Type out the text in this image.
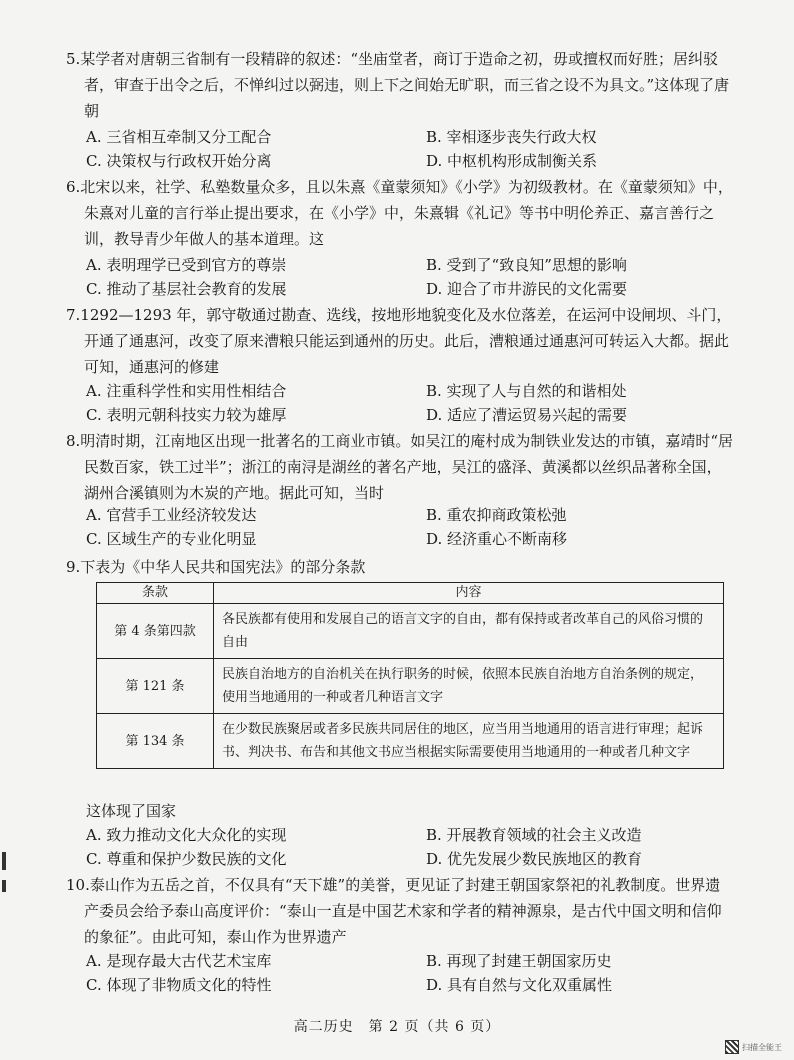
5.某学者对唐朝三省制有一段精辟的叙述：“坐庙堂者，商订于造命之初，毋或擅权而好胜；居纠驳者，审查于出令之后，不惮纠过以弼违，则上下之间始无旷职，而三省之设不为具文。”这体现了唐朝
A. 三省相互牵制又分工配合	B. 宰相逐步丧失行政大权
C. 决策权与行政权开始分离	D. 中枢机构形成制衡关系
6.北宋以来，社学、私塾数量众多，且以朱熹《童蒙须知》《小学》为初级教材。在《童蒙须知》中，朱熹对儿童的言行举止提出要求，在《小学》中，朱熹辑《礼记》等书中明伦养正、嘉言善行之训，教导青少年做人的基本道理。这
A. 表明理学已受到官方的尊崇	B. 受到了“致良知”思想的影响
C. 推动了基层社会教育的发展	D. 迎合了市井游民的文化需要
7.1292—1293 年，郭守敬通过勘查、选线，按地形地貌变化及水位落差，在运河中设闸坝、斗门，开通了通惠河，改变了原来漕粮只能运到通州的历史。此后，漕粮通过通惠河可转运入大都。据此可知，通惠河的修建
A. 注重科学性和实用性相结合	B. 实现了人与自然的和谐相处
C. 表明元朝科技实力较为雄厚	D. 适应了漕运贸易兴起的需要
8.明清时期，江南地区出现一批著名的工商业市镇。如吴江的庵村成为制铁业发达的市镇，嘉靖时“居民数百家，铁工过半”；浙江的南浔是湖丝的著名产地，吴江的盛泽、黄溪都以丝织品著称全国，湖州合溪镇则为木炭的产地。据此可知，当时
A. 官营手工业经济较发达	B. 重农抑商政策松弛
C. 区域生产的专业化明显	D. 经济重心不断南移
9.下表为《中华人民共和国宪法》的部分条款
条款	内容
第 4 条第四款	各民族都有使用和发展自己的语言文字的自由，都有保持或者改革自己的风俗习惯的自由
第 121 条	民族自治地方的自治机关在执行职务的时候，依照本民族自治地方自治条例的规定，使用当地通用的一种或者几种语言文字
第 134 条	在少数民族聚居或者多民族共同居住的地区，应当用当地通用的语言进行审理；起诉书、判决书、布告和其他文书应当根据实际需要使用当地通用的一种或者几种文字
这体现了国家
A. 致力推动文化大众化的实现	B. 开展教育领域的社会主义改造
C. 尊重和保护少数民族的文化	D. 优先发展少数民族地区的教育
10.泰山作为五岳之首，不仅具有“天下雄”的美誉，更见证了封建王朝国家祭祀的礼教制度。世界遗产委员会给予泰山高度评价：“泰山一直是中国艺术家和学者的精神源泉，是古代中国文明和信仰的象征”。由此可知，泰山作为世界遗产
A. 是现存最大古代艺术宝库	B. 再现了封建王朝国家历史
C. 体现了非物质文化的特性	D. 具有自然与文化双重属性
高二历史　第 2 页（共 6 页）
扫描全能王
